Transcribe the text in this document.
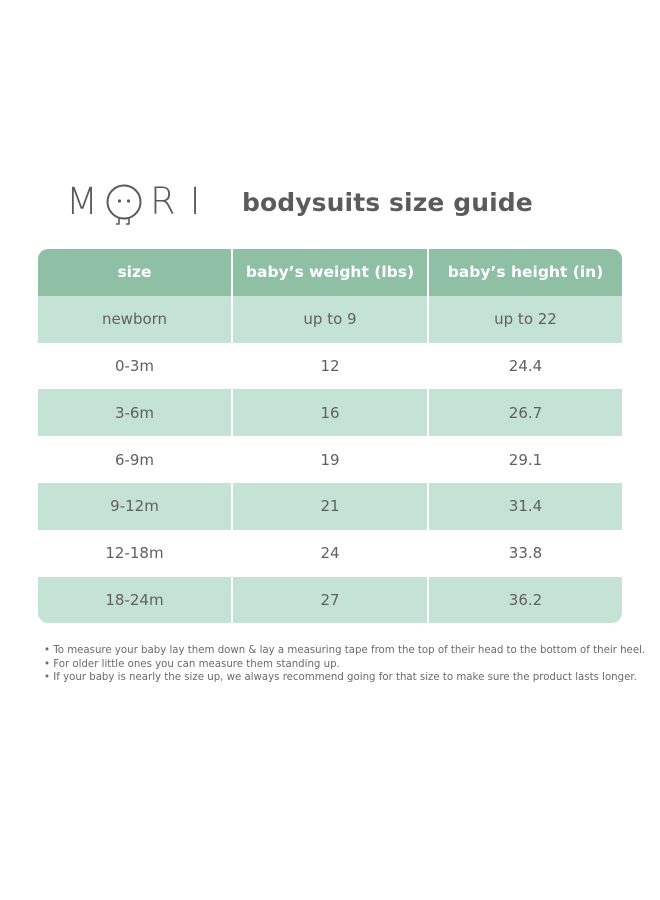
M RI bodysuits size guide
size	baby’s weight (lbs)	baby’s height (in)
newborn	up to 9	up to 22
0-3m	12	24.4
3-6m	16	26.7
6-9m	19	29.1
9-12m	21	31.4
12-18m	24	33.8
18-24m	27	36.2
• To measure your baby lay them down & lay a measuring tape from the top of their head to the bottom of their heel.
• For older little ones you can measure them standing up.
• If your baby is nearly the size up, we always recommend going for that size to make sure the product lasts longer.
